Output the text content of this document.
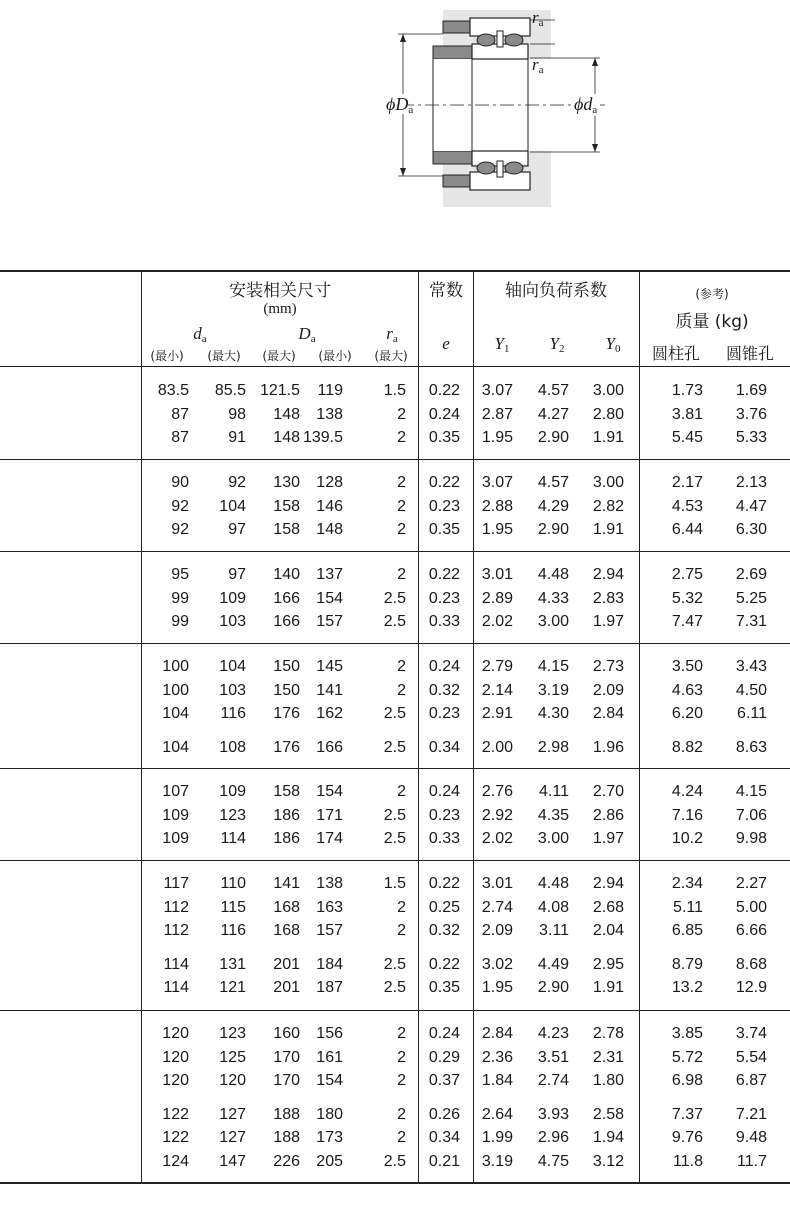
$r_a$
$r_a$
$\phi D_a$	$\phi d_a$
安装相关尺寸
(mm)
$d_a$	$D_a$	$r_a$
(最小) (最大) (最大) (最小) (最大)
常数
e
轴向负荷系数
$Y_1$ $Y_2$ $Y_0$
(参考)
质量 (kg)
圆柱孔 圆锥孔
83.5 85.5 121.5 119	1.5 0.22 3.07 4.57 3.00	1.73 1.69
87 98 148 138	2 0.24 2.87 4.27 2.80	3.81 3.76
87 91 148 139.5	2 0.35 1.95 2.90 1.91	5.45 5.33
90 92 130 128	2 0.22 3.07 4.57 3.00	2.17 2.13
92 104 158 146	2 0.23 2.88 4.29 2.82	4.53 4.47
92 97 158 148	2 0.35 1.95 2.90 1.91	6.44 6.30
95 97 140 137	2 0.22 3.01 4.48 2.94	2.75 2.69
99 109 166 154	2.5 0.23 2.89 4.33 2.83	5.32 5.25
99 103 166 157	2.5 0.33 2.02 3.00 1.97	7.47 7.31
100 104 150 145	2 0.24 2.79 4.15 2.73	3.50 3.43
100 103 150 141	2 0.32 2.14 3.19 2.09	4.63 4.50
104 116 176 162	2.5 0.23 2.91 4.30 2.84	6.20 6.11
104 108 176 166	2.5 0.34 2.00 2.98 1.96	8.82 8.63
107 109 158 154	2 0.24 2.76 4.11 2.70	4.24 4.15
109 123 186 171	2.5 0.23 2.92 4.35 2.86	7.16 7.06
109 114 186 174	2.5 0.33 2.02 3.00 1.97	10.2 9.98
117 110 141 138	1.5 0.22 3.01 4.48 2.94	2.34 2.27
112 115 168 163	2 0.25 2.74 4.08 2.68	5.11 5.00
112 116 168 157	2 0.32 2.09 3.11 2.04	6.85 6.66
114 131 201 184	2.5 0.22 3.02 4.49 2.95	8.79 8.68
114 121 201 187	2.5 0.35 1.95 2.90 1.91	13.2 12.9
120 123 160 156	2 0.24 2.84 4.23 2.78	3.85 3.74
120 125 170 161	2 0.29 2.36 3.51 2.31	5.72 5.54
120 120 170 154	2 0.37 1.84 2.74 1.80	6.98 6.87
122 127 188 180	2 0.26 2.64 3.93 2.58	7.37 7.21
122 127 188 173	2 0.34 1.99 2.96 1.94	9.76 9.48
124 147 226 205	2.5 0.21 3.19 4.75 3.12	11.8 11.7
